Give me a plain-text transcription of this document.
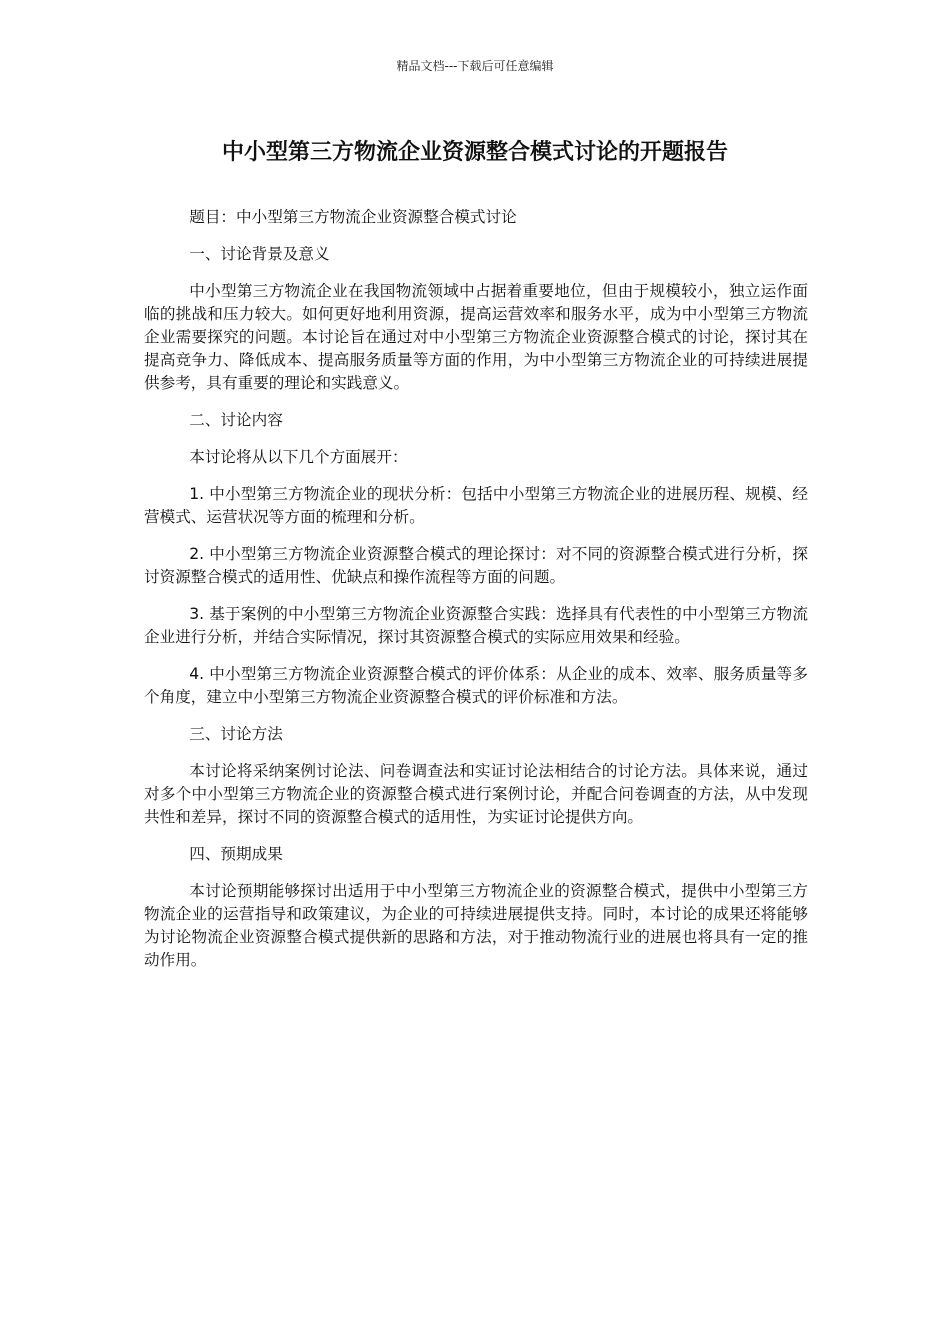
精品文档---下载后可任意编辑
中小型第三方物流企业资源整合模式讨论的开题报告

题目：中小型第三方物流企业资源整合模式讨论

一、讨论背景及意义

中小型第三方物流企业在我国物流领域中占据着重要地位，但由于规模较小，独立运作面临的挑战和压力较大。如何更好地利用资源，提高运营效率和服务水平，成为中小型第三方物流企业需要探究的问题。本讨论旨在通过对中小型第三方物流企业资源整合模式的讨论，探讨其在提高竞争力、降低成本、提高服务质量等方面的作用，为中小型第三方物流企业的可持续进展提供参考，具有重要的理论和实践意义。

二、讨论内容

本讨论将从以下几个方面展开：

1. 中小型第三方物流企业的现状分析：包括中小型第三方物流企业的进展历程、规模、经营模式、运营状况等方面的梳理和分析。

2. 中小型第三方物流企业资源整合模式的理论探讨：对不同的资源整合模式进行分析，探讨资源整合模式的适用性、优缺点和操作流程等方面的问题。

3. 基于案例的中小型第三方物流企业资源整合实践：选择具有代表性的中小型第三方物流企业进行分析，并结合实际情况，探讨其资源整合模式的实际应用效果和经验。

4. 中小型第三方物流企业资源整合模式的评价体系：从企业的成本、效率、服务质量等多个角度，建立中小型第三方物流企业资源整合模式的评价标准和方法。

三、讨论方法

本讨论将采纳案例讨论法、问卷调查法和实证讨论法相结合的讨论方法。具体来说，通过对多个中小型第三方物流企业的资源整合模式进行案例讨论，并配合问卷调查的方法，从中发现共性和差异，探讨不同的资源整合模式的适用性，为实证讨论提供方向。

四、预期成果

本讨论预期能够探讨出适用于中小型第三方物流企业的资源整合模式，提供中小型第三方物流企业的运营指导和政策建议，为企业的可持续进展提供支持。同时，本讨论的成果还将能够为讨论物流企业资源整合模式提供新的思路和方法，对于推动物流行业的进展也将具有一定的推动作用。
